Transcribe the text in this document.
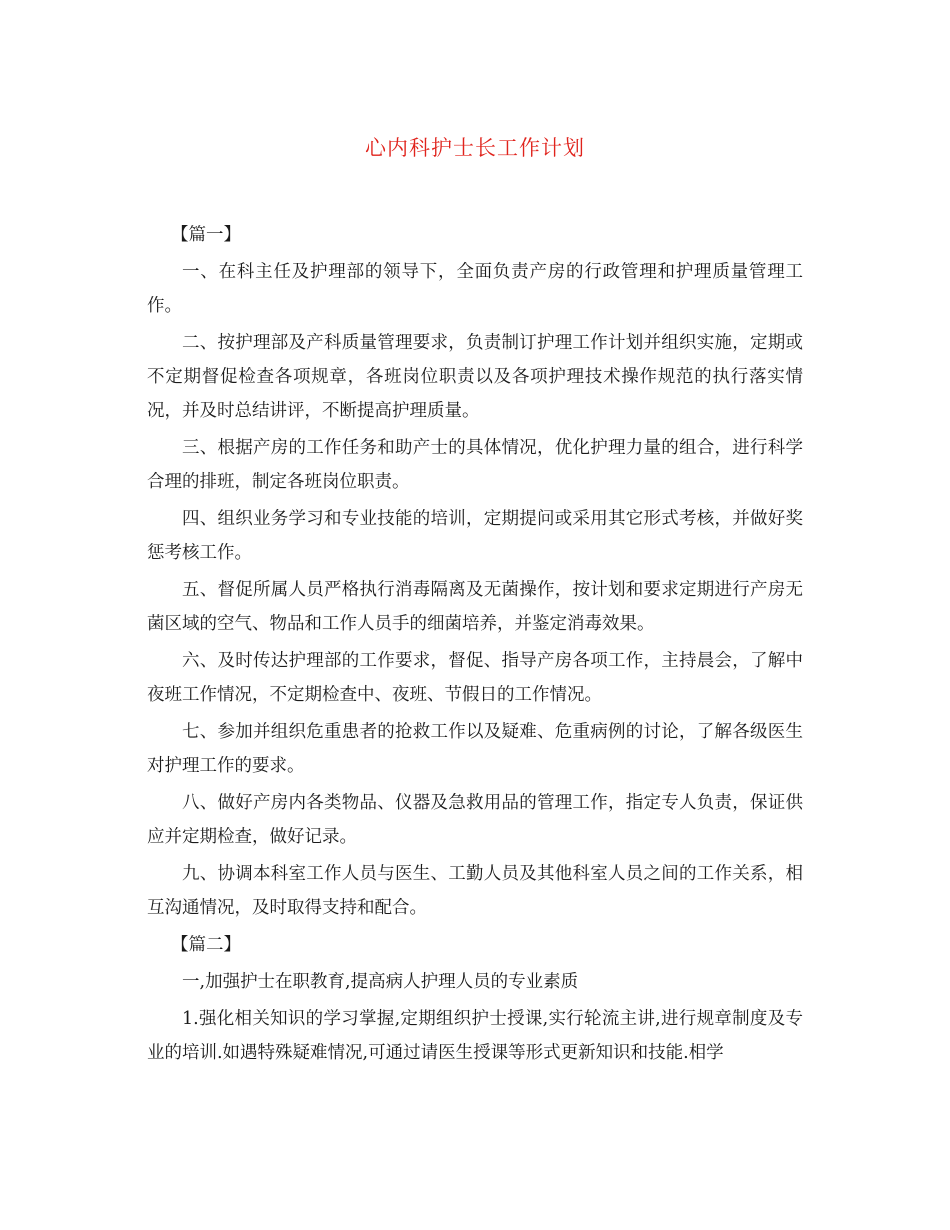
心内科护士长工作计划
【篇一】

一、在科主任及护理部的领导下，全面负责产房的行政管理和护理质量管理工作。

二、按护理部及产科质量管理要求，负责制订护理工作计划并组织实施，定期或不定期督促检查各项规章，各班岗位职责以及各项护理技术操作规范的执行落实情况，并及时总结讲评，不断提高护理质量。

三、根据产房的工作任务和助产士的具体情况，优化护理力量的组合，进行科学合理的排班，制定各班岗位职责。

四、组织业务学习和专业技能的培训，定期提问或采用其它形式考核，并做好奖惩考核工作。

五、督促所属人员严格执行消毒隔离及无菌操作，按计划和要求定期进行产房无菌区域的空气、物品和工作人员手的细菌培养，并鉴定消毒效果。

六、及时传达护理部的工作要求，督促、指导产房各项工作，主持晨会，了解中夜班工作情况，不定期检查中、夜班、节假日的工作情况。

七、参加并组织危重患者的抢救工作以及疑难、危重病例的讨论，了解各级医生对护理工作的要求。

八、做好产房内各类物品、仪器及急救用品的管理工作，指定专人负责，保证供应并定期检查，做好记录。

九、协调本科室工作人员与医生、工勤人员及其他科室人员之间的工作关系，相互沟通情况，及时取得支持和配合。

【篇二】

一,加强护士在职教育,提高病人护理人员的专业素质

1.强化相关知识的学习掌握,定期组织护士授课,实行轮流主讲,进行规章制度及专业的培训.如遇特殊疑难情况,可通过请医生授课等形式更新知识和技能.相学
